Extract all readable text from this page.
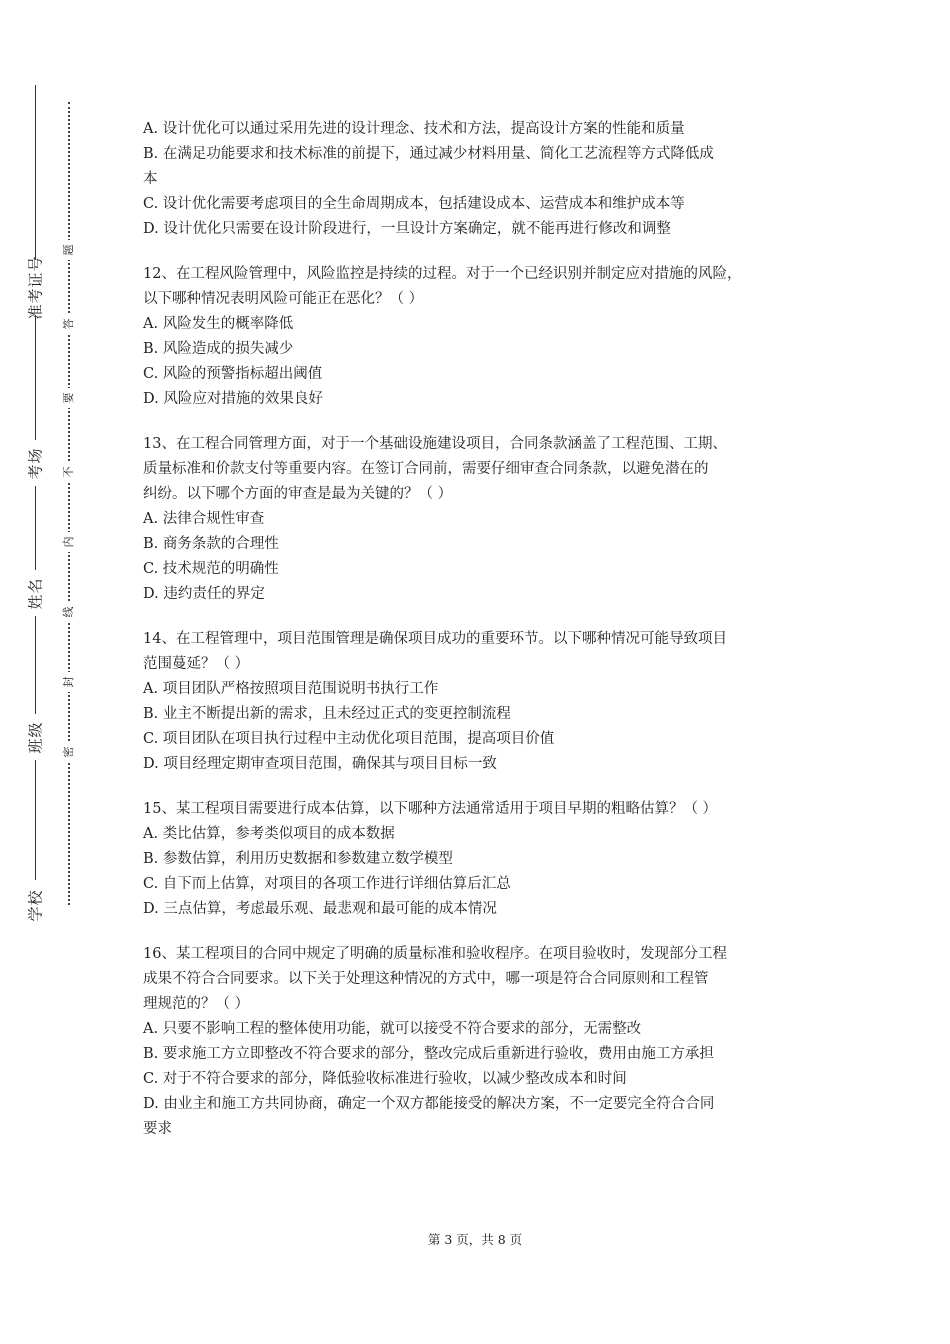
准考证号
考场
姓名
班级
学校
题
答
要
不
内
线
封
密
A. 设计优化可以通过采用先进的设计理念、技术和方法，提高设计方案的性能和质量
B. 在满足功能要求和技术标准的前提下，通过减少材料用量、简化工艺流程等方式降低成
本
C. 设计优化需要考虑项目的全生命周期成本，包括建设成本、运营成本和维护成本等
D. 设计优化只需要在设计阶段进行，一旦设计方案确定，就不能再进行修改和调整
12、在工程风险管理中，风险监控是持续的过程。对于一个已经识别并制定应对措施的风险，
以下哪种情况表明风险可能正在恶化？（ ）
A. 风险发生的概率降低
B. 风险造成的损失减少
C. 风险的预警指标超出阈值
D. 风险应对措施的效果良好
13、在工程合同管理方面，对于一个基础设施建设项目，合同条款涵盖了工程范围、工期、
质量标准和价款支付等重要内容。在签订合同前，需要仔细审查合同条款，以避免潜在的
纠纷。以下哪个方面的审查是最为关键的？（ ）
A. 法律合规性审查
B. 商务条款的合理性
C. 技术规范的明确性
D. 违约责任的界定
14、在工程管理中，项目范围管理是确保项目成功的重要环节。以下哪种情况可能导致项目
范围蔓延？（ ）
A. 项目团队严格按照项目范围说明书执行工作
B. 业主不断提出新的需求，且未经过正式的变更控制流程
C. 项目团队在项目执行过程中主动优化项目范围，提高项目价值
D. 项目经理定期审查项目范围，确保其与项目目标一致
15、某工程项目需要进行成本估算，以下哪种方法通常适用于项目早期的粗略估算？（ ）
A. 类比估算，参考类似项目的成本数据
B. 参数估算，利用历史数据和参数建立数学模型
C. 自下而上估算，对项目的各项工作进行详细估算后汇总
D. 三点估算，考虑最乐观、最悲观和最可能的成本情况
16、某工程项目的合同中规定了明确的质量标准和验收程序。在项目验收时，发现部分工程
成果不符合合同要求。以下关于处理这种情况的方式中，哪一项是符合合同原则和工程管
理规范的？（ ）
A. 只要不影响工程的整体使用功能，就可以接受不符合要求的部分，无需整改
B. 要求施工方立即整改不符合要求的部分，整改完成后重新进行验收，费用由施工方承担
C. 对于不符合要求的部分，降低验收标准进行验收，以减少整改成本和时间
D. 由业主和施工方共同协商，确定一个双方都能接受的解决方案，不一定要完全符合合同
要求
第 3 页，共 8 页
